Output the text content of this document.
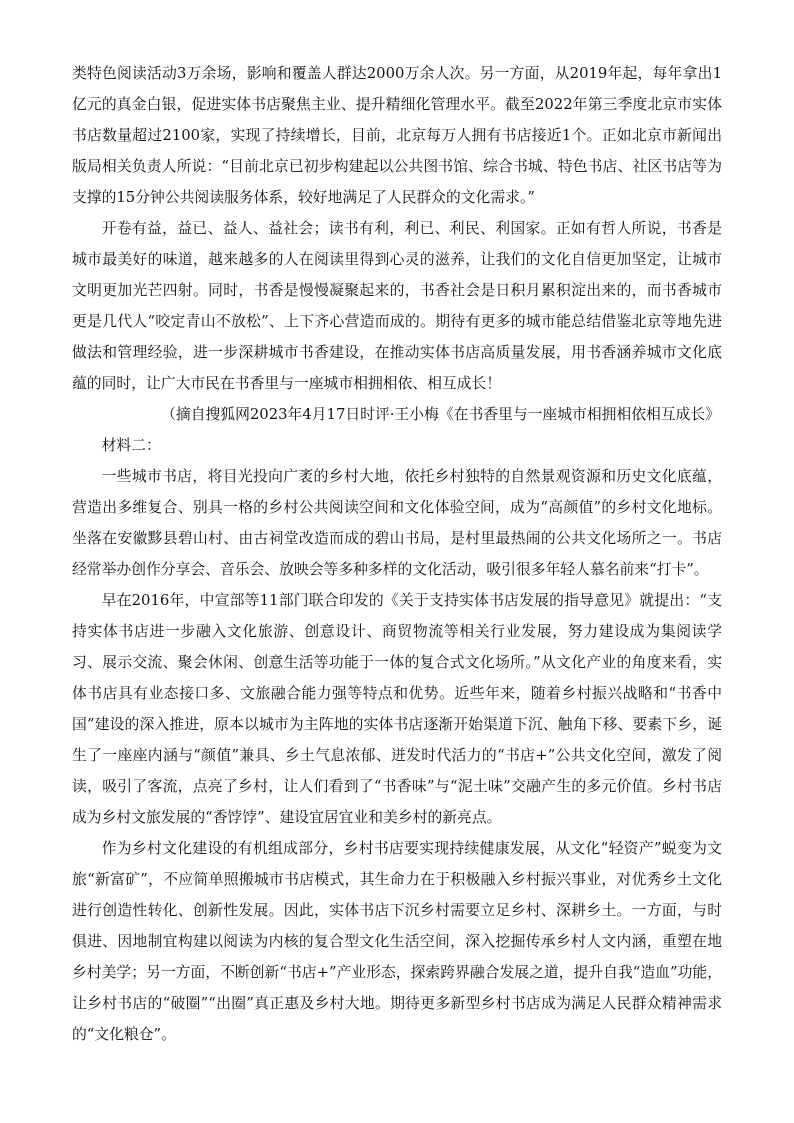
类特色阅读活动3万余场，影响和覆盖人群达2000万余人次。另一方面，从2019年起，每年拿出1亿元的真金白银，促进实体书店聚焦主业、提升精细化管理水平。截至2022年第三季度北京市实体书店数量超过2100家，实现了持续增长，目前，北京每万人拥有书店接近1个。正如北京市新闻出版局相关负责人所说：“目前北京已初步构建起以公共图书馆、综合书城、特色书店、社区书店等为支撑的15分钟公共阅读服务体系，较好地满足了人民群众的文化需求。”

开卷有益，益已、益人、益社会；读书有利，利已、利民、利国家。正如有哲人所说，书香是城市最美好的味道，越来越多的人在阅读里得到心灵的滋养，让我们的文化自信更加坚定，让城市文明更加光芒四射。同时，书香是慢慢凝聚起来的，书香社会是日积月累积淀出来的，而书香城市更是几代人“咬定青山不放松”、上下齐心营造而成的。期待有更多的城市能总结借鉴北京等地先进做法和管理经验，进一步深耕城市书香建设，在推动实体书店高质量发展，用书香涵养城市文化底蕴的同时，让广大市民在书香里与一座城市相拥相依、相互成长！

（摘自搜狐网2023年4月17日时评·王小梅《在书香里与一座城市相拥相依相互成长》

材料二：

一些城市书店，将目光投向广袤的乡村大地，依托乡村独特的自然景观资源和历史文化底蕴，营造出多维复合、别具一格的乡村公共阅读空间和文化体验空间，成为“高颜值”的乡村文化地标。坐落在安徽黟县碧山村、由古祠堂改造而成的碧山书局，是村里最热闹的公共文化场所之一。书店经常举办创作分享会、音乐会、放映会等多种多样的文化活动，吸引很多年轻人慕名前来“打卡”。

早在2016年，中宣部等11部门联合印发的《关于支持实体书店发展的指导意见》就提出：“支持实体书店进一步融入文化旅游、创意设计、商贸物流等相关行业发展，努力建设成为集阅读学习、展示交流、聚会休闲、创意生活等功能于一体的复合式文化场所。”从文化产业的角度来看，实体书店具有业态接口多、文旅融合能力强等特点和优势。近些年来，随着乡村振兴战略和“书香中国”建设的深入推进，原本以城市为主阵地的实体书店逐渐开始渠道下沉、触角下移、要素下乡，诞生了一座座内涵与“颜值”兼具、乡土气息浓郁、迸发时代活力的“书店+”公共文化空间，激发了阅读，吸引了客流，点亮了乡村，让人们看到了“书香味”与“泥土味”交融产生的多元价值。乡村书店成为乡村文旅发展的“香饽饽”、建设宜居宜业和美乡村的新亮点。

作为乡村文化建设的有机组成部分，乡村书店要实现持续健康发展，从文化“轻资产”蜕变为文旅“新富矿”，不应简单照搬城市书店模式，其生命力在于积极融入乡村振兴事业，对优秀乡土文化进行创造性转化、创新性发展。因此，实体书店下沉乡村需要立足乡村、深耕乡土。一方面，与时俱进、因地制宜构建以阅读为内核的复合型文化生活空间，深入挖掘传承乡村人文内涵，重塑在地乡村美学；另一方面，不断创新“书店+”产业形态，探索跨界融合发展之道，提升自我“造血”功能，让乡村书店的“破圈”“出圈”真正惠及乡村大地。期待更多新型乡村书店成为满足人民群众精神需求的“文化粮仓”。
